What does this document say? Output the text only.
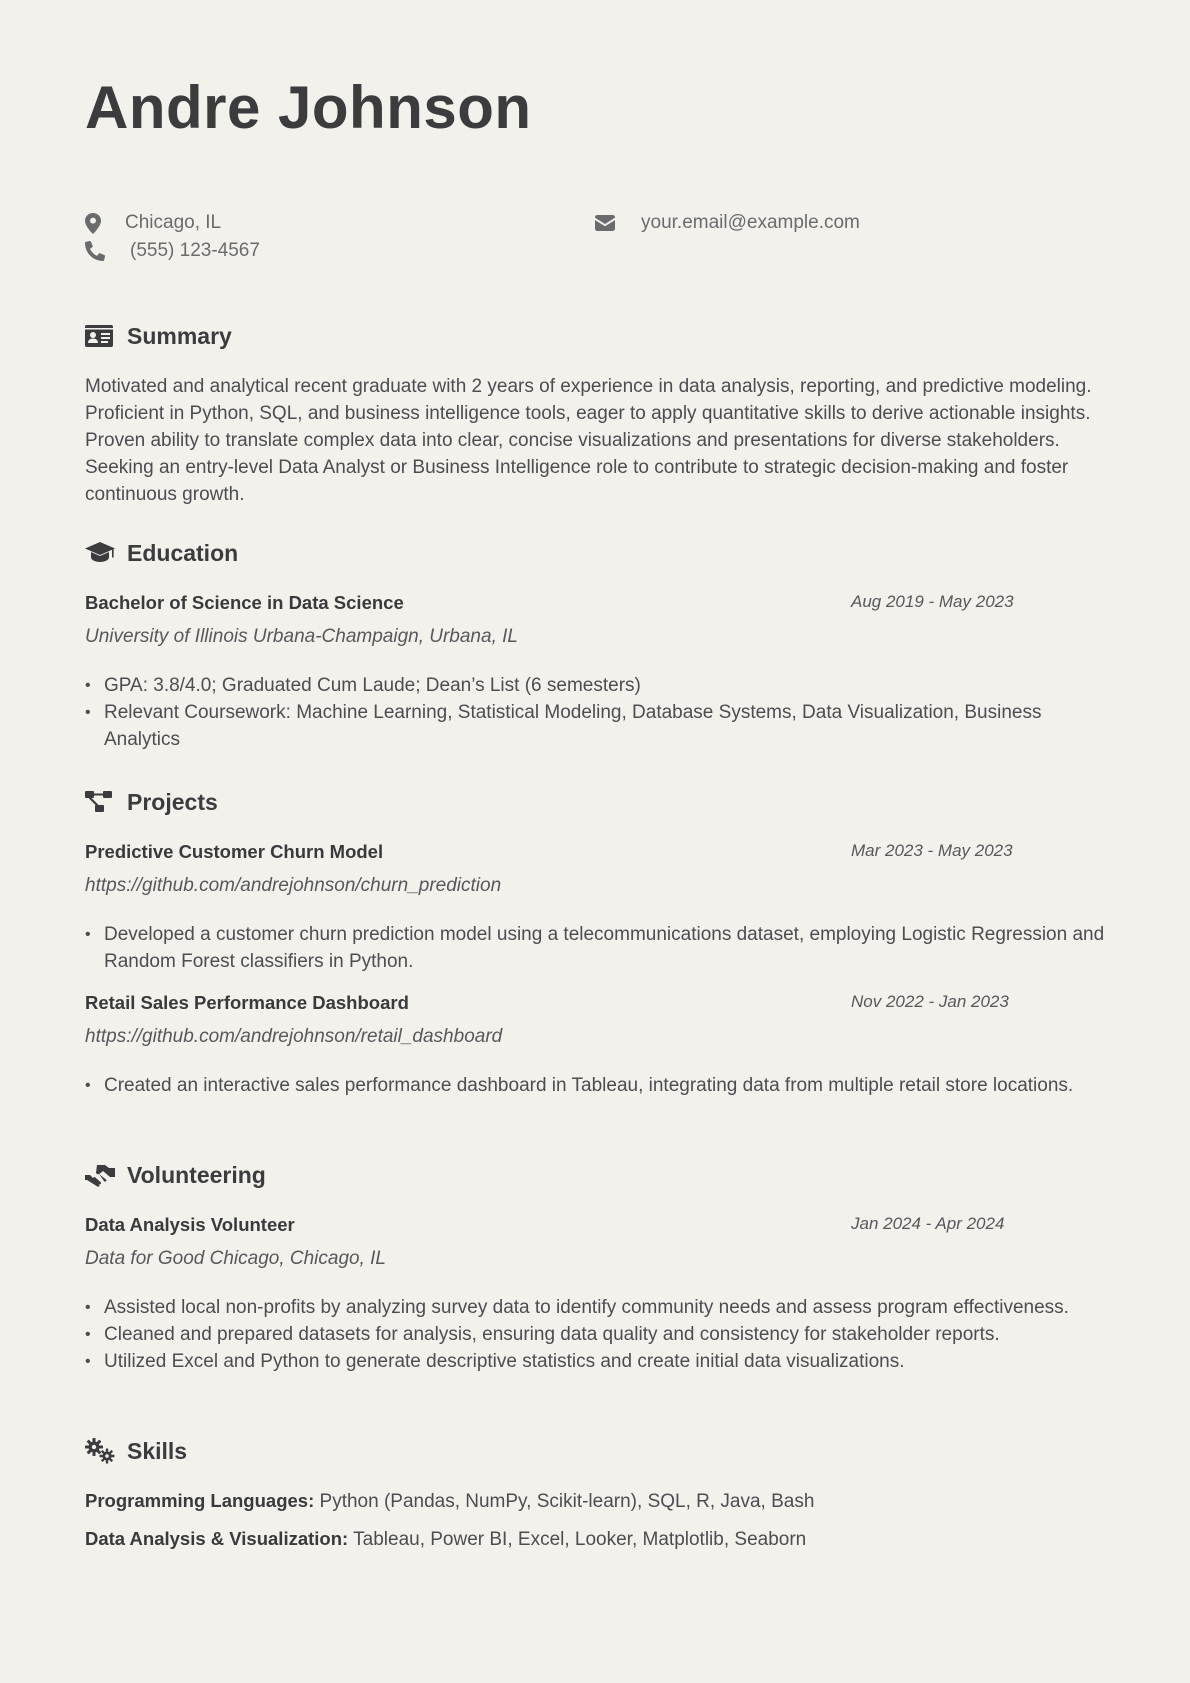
Andre Johnson
Chicago, IL	your.email@example.com
(555) 123-4567
Summary

Motivated and analytical recent graduate with 2 years of experience in data analysis, reporting, and predictive modeling. Proficient in Python, SQL, and business intelligence tools, eager to apply quantitative skills to derive actionable insights. Proven ability to translate complex data into clear, concise visualizations and presentations for diverse stakeholders. Seeking an entry-level Data Analyst or Business Intelligence role to contribute to strategic decision-making and foster continuous growth.

Education
Bachelor of Science in Data Science	Aug 2019 - May 2023
University of Illinois Urbana-Champaign, Urbana, IL
• GPA: 3.8/4.0; Graduated Cum Laude; Dean’s List (6 semesters)
• Relevant Coursework: Machine Learning, Statistical Modeling, Database Systems, Data Visualization, Business Analytics
Projects
Predictive Customer Churn Model	Mar 2023 - May 2023
https://github.com/andrejohnson/churn_prediction
• Developed a customer churn prediction model using a telecommunications dataset, employing Logistic Regression and Random Forest classifiers in Python.
Retail Sales Performance Dashboard	Nov 2022 - Jan 2023
https://github.com/andrejohnson/retail_dashboard
• Created an interactive sales performance dashboard in Tableau, integrating data from multiple retail store locations.
Volunteering
Data Analysis Volunteer	Jan 2024 - Apr 2024
Data for Good Chicago, Chicago, IL
• Assisted local non-profits by analyzing survey data to identify community needs and assess program effectiveness.
• Cleaned and prepared datasets for analysis, ensuring data quality and consistency for stakeholder reports.
• Utilized Excel and Python to generate descriptive statistics and create initial data visualizations.
Skills
Programming Languages: Python (Pandas, NumPy, Scikit-learn), SQL, R, Java, Bash
Data Analysis & Visualization: Tableau, Power BI, Excel, Looker, Matplotlib, Seaborn
